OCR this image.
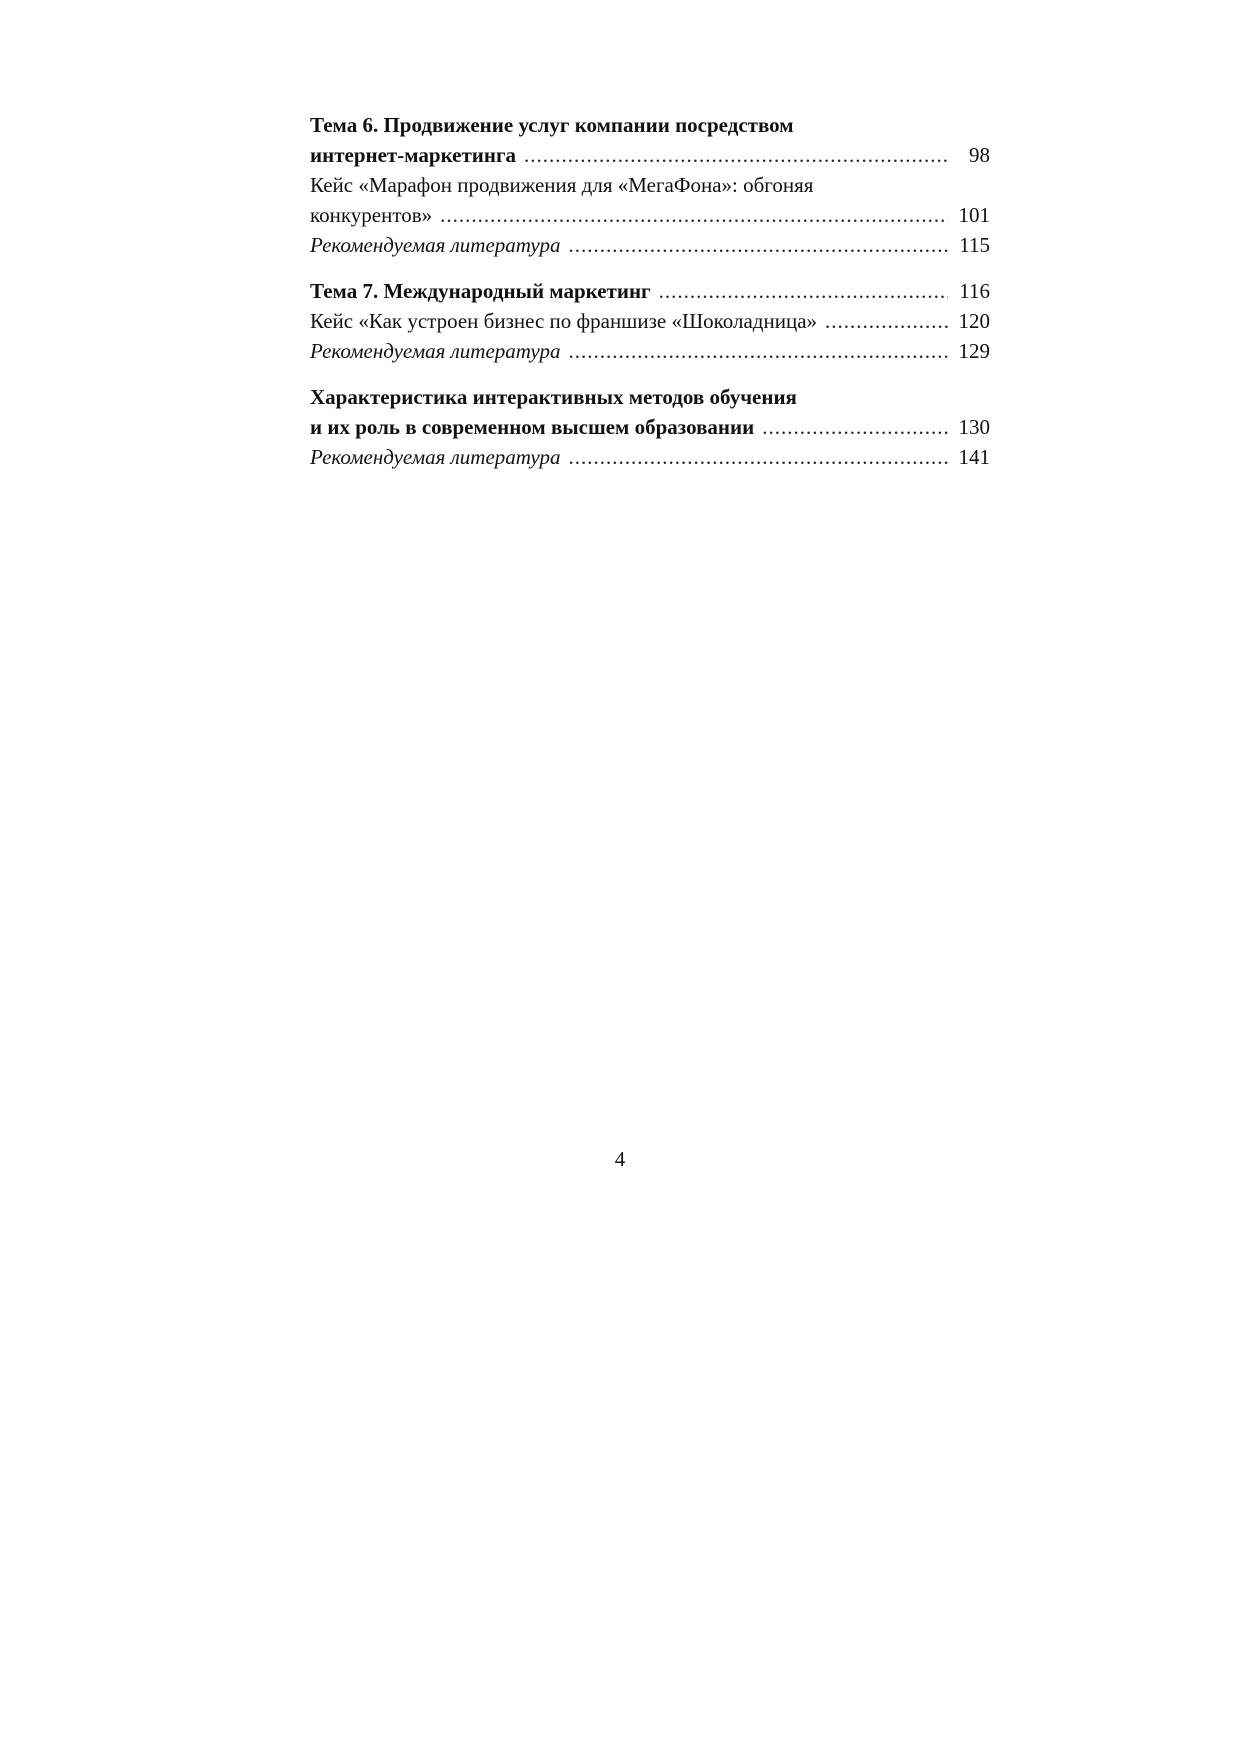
Тема 6. Продвижение услуг компании посредством
интернет-маркетинга .....	98
Кейс «Марафон продвижения для «МегаФона»: обгоняя
конкурентов» .....	101
Рекомендуемая литература .....	115
Тема 7. Международный маркетинг .....	116
Кейс «Как устроен бизнес по франшизе «Шоколадница» .....	120
Рекомендуемая литература .....	129
Характеристика интерактивных методов обучения
и их роль в современном высшем образовании .....	130
Рекомендуемая литература .....	141
4
